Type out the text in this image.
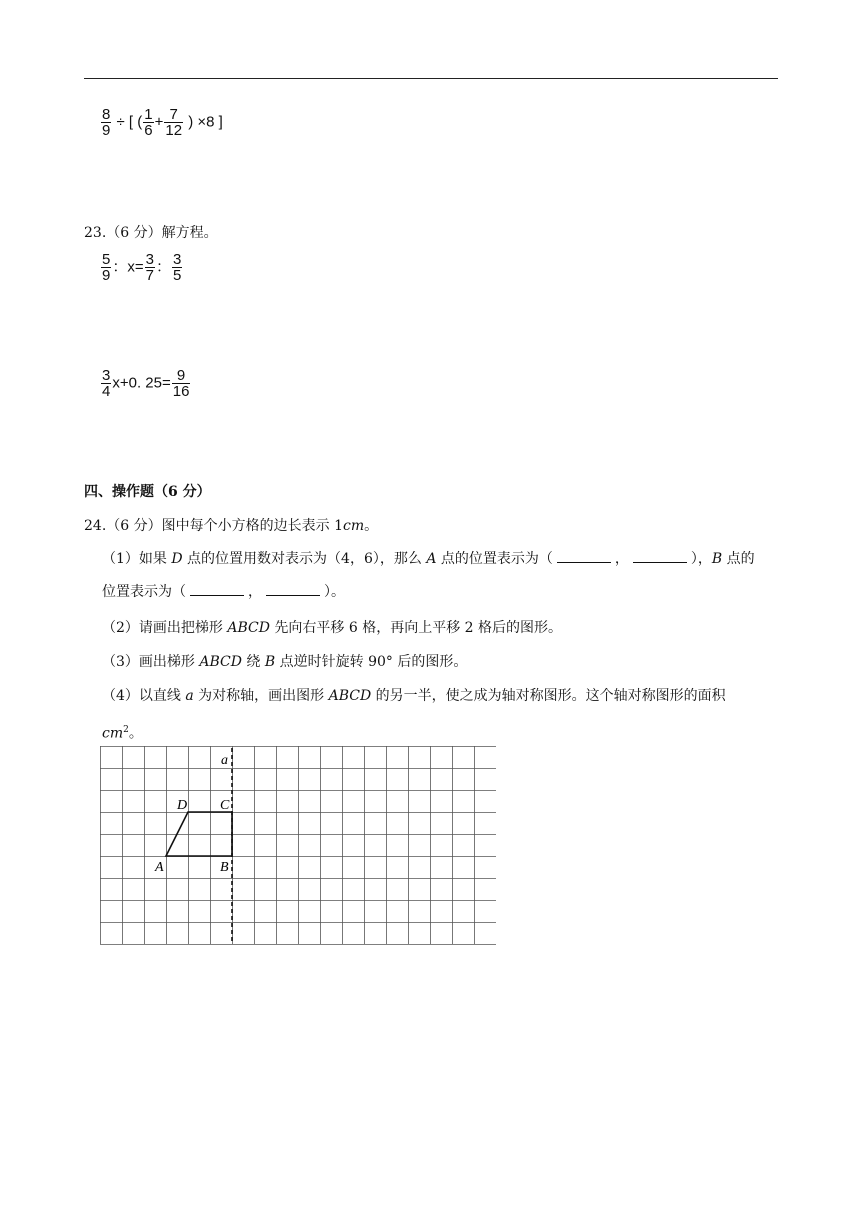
$\frac{8}{9}$ ÷ [ ( $\frac{1}{6} + \frac{7}{12}$ ) ×8 ]
23.（6 分）解方程。
$\frac{5}{9}$ ：$x= \frac{3}{7}$ ： $\frac{3}{5}$
$\frac{3}{4} x+0$. $25= \frac{9}{16}$
四、操作题（6 分）
24.（6 分）图中每个小方格的边长表示 1cm。
（1）如果 D 点的位置用数对表示为（4，6），那么 A 点的位置表示为（	，	），B 点的
位置表示为（	，	）。
（2）请画出把梯形 ABCD 先向右平移 6 格，再向上平移 2 格后的图形。
（3）画出梯形 ABCD 绕 B 点逆时针旋转 90° 后的图形。
（4）以直线 a 为对称轴，画出图形 ABCD 的另一半，使之成为轴对称图形。这个轴对称图形的面积
$cm^2$。
a
D C
A	B
